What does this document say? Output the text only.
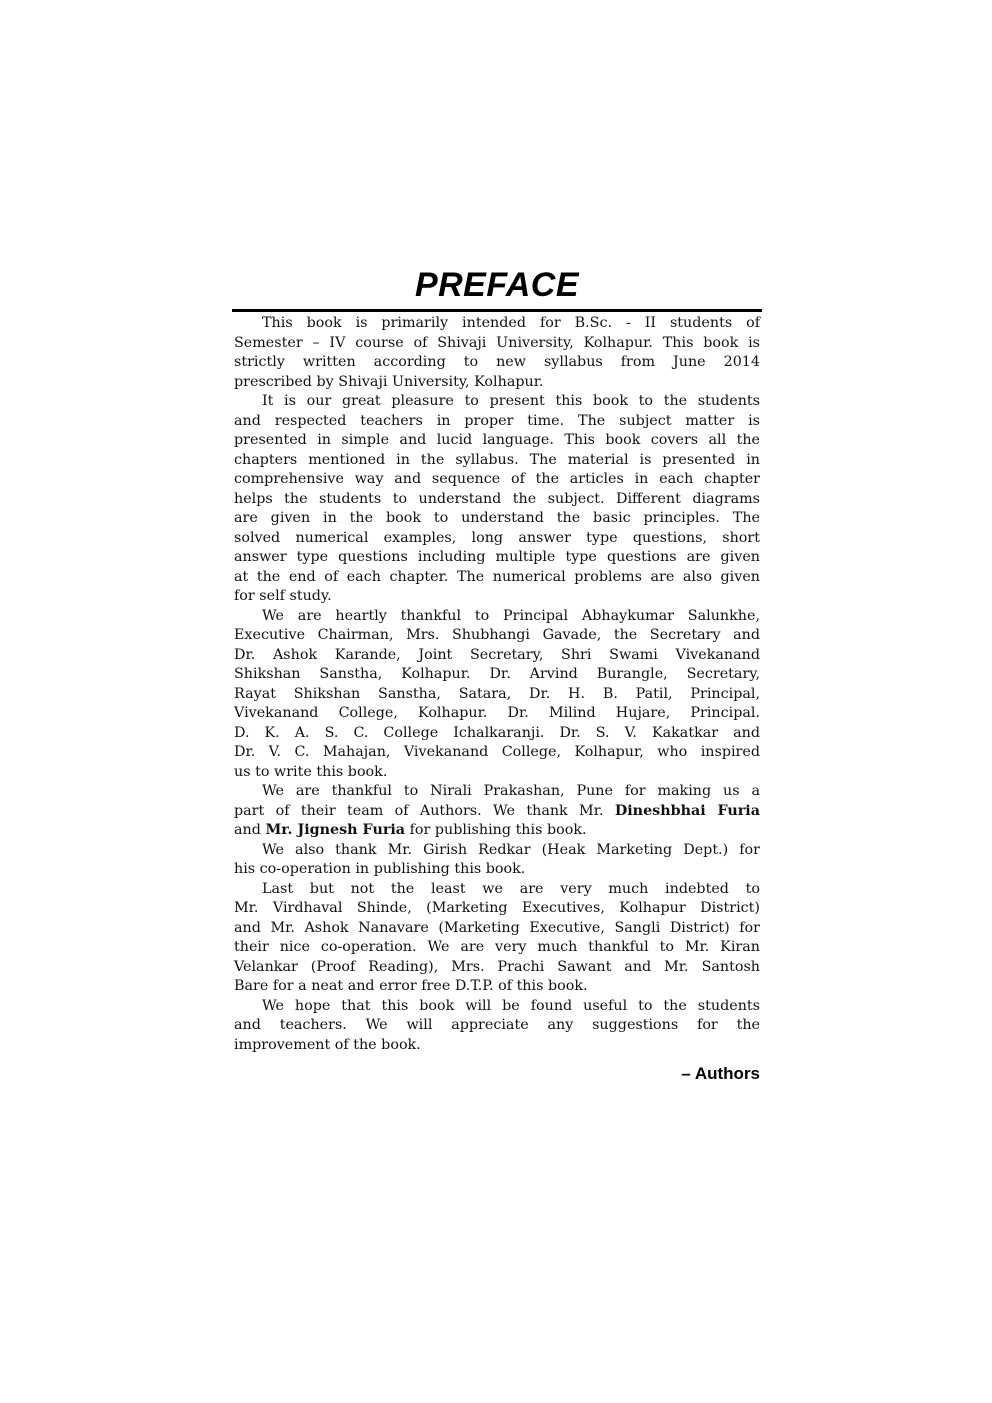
PREFACE
This book is primarily intended for B.Sc. - II students of
Semester – IV course of Shivaji University, Kolhapur. This book is
strictly written according to new syllabus from June 2014
prescribed by Shivaji University, Kolhapur.
It is our great pleasure to present this book to the students
and respected teachers in proper time. The subject matter is
presented in simple and lucid language. This book covers all the
chapters mentioned in the syllabus. The material is presented in
comprehensive way and sequence of the articles in each chapter
helps the students to understand the subject. Different diagrams
are given in the book to understand the basic principles. The
solved numerical examples, long answer type questions, short
answer type questions including multiple type questions are given
at the end of each chapter. The numerical problems are also given
for self study.
We are heartly thankful to Principal Abhaykumar Salunkhe,
Executive Chairman, Mrs. Shubhangi Gavade, the Secretary and
Dr. Ashok Karande, Joint Secretary, Shri Swami Vivekanand
Shikshan Sanstha, Kolhapur. Dr. Arvind Burangle, Secretary,
Rayat Shikshan Sanstha, Satara, Dr. H. B. Patil, Principal,
Vivekanand College, Kolhapur. Dr. Milind Hujare, Principal.
D. K. A. S. C. College Ichalkaranji. Dr. S. V. Kakatkar and
Dr. V. C. Mahajan, Vivekanand College, Kolhapur, who inspired
us to write this book.
We are thankful to Nirali Prakashan, Pune for making us a
part of their team of Authors. We thank Mr. Dineshbhai Furia
and Mr. Jignesh Furia for publishing this book.
We also thank Mr. Girish Redkar (Heak Marketing Dept.) for
his co-operation in publishing this book.
Last but not the least we are very much indebted to
Mr. Virdhaval Shinde, (Marketing Executives, Kolhapur District)
and Mr. Ashok Nanavare (Marketing Executive, Sangli District) for
their nice co-operation. We are very much thankful to Mr. Kiran
Velankar (Proof Reading), Mrs. Prachi Sawant and Mr. Santosh
Bare for a neat and error free D.T.P. of this book.
We hope that this book will be found useful to the students
and teachers. We will appreciate any suggestions for the
improvement of the book.
– Authors
